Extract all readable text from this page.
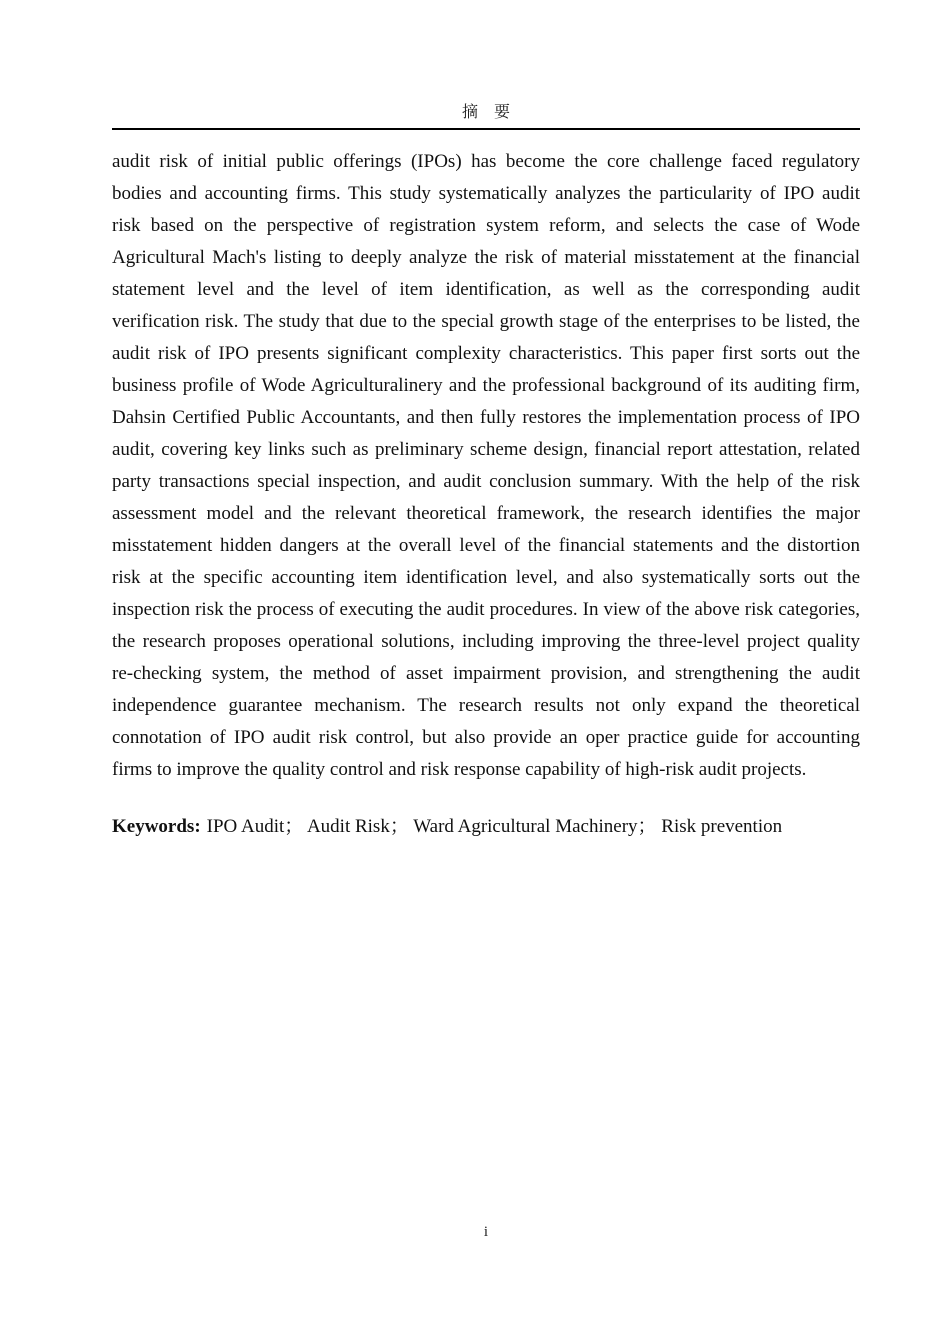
摘　要
audit risk of initial public offerings (IPOs) has become the core challenge faced regulatory
bodies and accounting firms. This study systematically analyzes the particularity of IPO audit
risk based on the perspective of registration system reform, and selects the case of Wode
Agricultural Mach's listing to deeply analyze the risk of material misstatement at the financial
statement level and the level of item identification, as well as the corresponding audit
verification risk. The study that due to the special growth stage of the enterprises to be listed, the
audit risk of IPO presents significant complexity characteristics. This paper first sorts out the
business profile of Wode Agriculturalinery and the professional background of its auditing firm,
Dahsin Certified Public Accountants, and then fully restores the implementation process of IPO
audit, covering key links such as preliminary scheme design, financial report attestation, related
party transactions special inspection, and audit conclusion summary. With the help of the risk
assessment model and the relevant theoretical framework, the research identifies the major
misstatement hidden dangers at the overall level of the financial statements and the distortion
risk at the specific accounting item identification level, and also systematically sorts out the
inspection risk the process of executing the audit procedures. In view of the above risk categories,
the research proposes operational solutions, including improving the three-level project quality
re-checking system, the method of asset impairment provision, and strengthening the audit
independence guarantee mechanism. The research results not only expand the theoretical
connotation of IPO audit risk control, but also provide an oper practice guide for accounting
firms to improve the quality control and risk response capability of high-risk audit projects.
Keywords: IPO Audit； Audit Risk； Ward Agricultural Machinery； Risk prevention
i
